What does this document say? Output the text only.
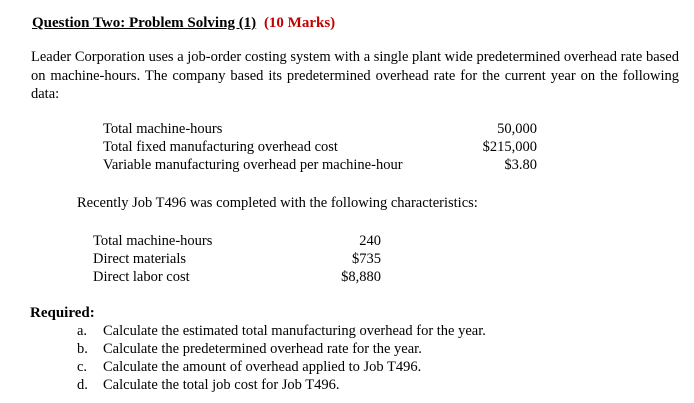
Question Two: Problem Solving (1) (10 Marks)
Leader Corporation uses a job-order costing system with a single plant wide predetermined overhead rate based on machine-hours. The company based its predetermined overhead rate for the current year on the following data:
Total machine-hours	50,000
Total fixed manufacturing overhead cost	$215,000
Variable manufacturing overhead per machine-hour	$3.80
Recently Job T496 was completed with the following characteristics:
Total machine-hours	240
Direct materials	$735
Direct labor cost	$8,880
Required:
a. Calculate the estimated total manufacturing overhead for the year.
b. Calculate the predetermined overhead rate for the year.
c. Calculate the amount of overhead applied to Job T496.
d. Calculate the total job cost for Job T496.
